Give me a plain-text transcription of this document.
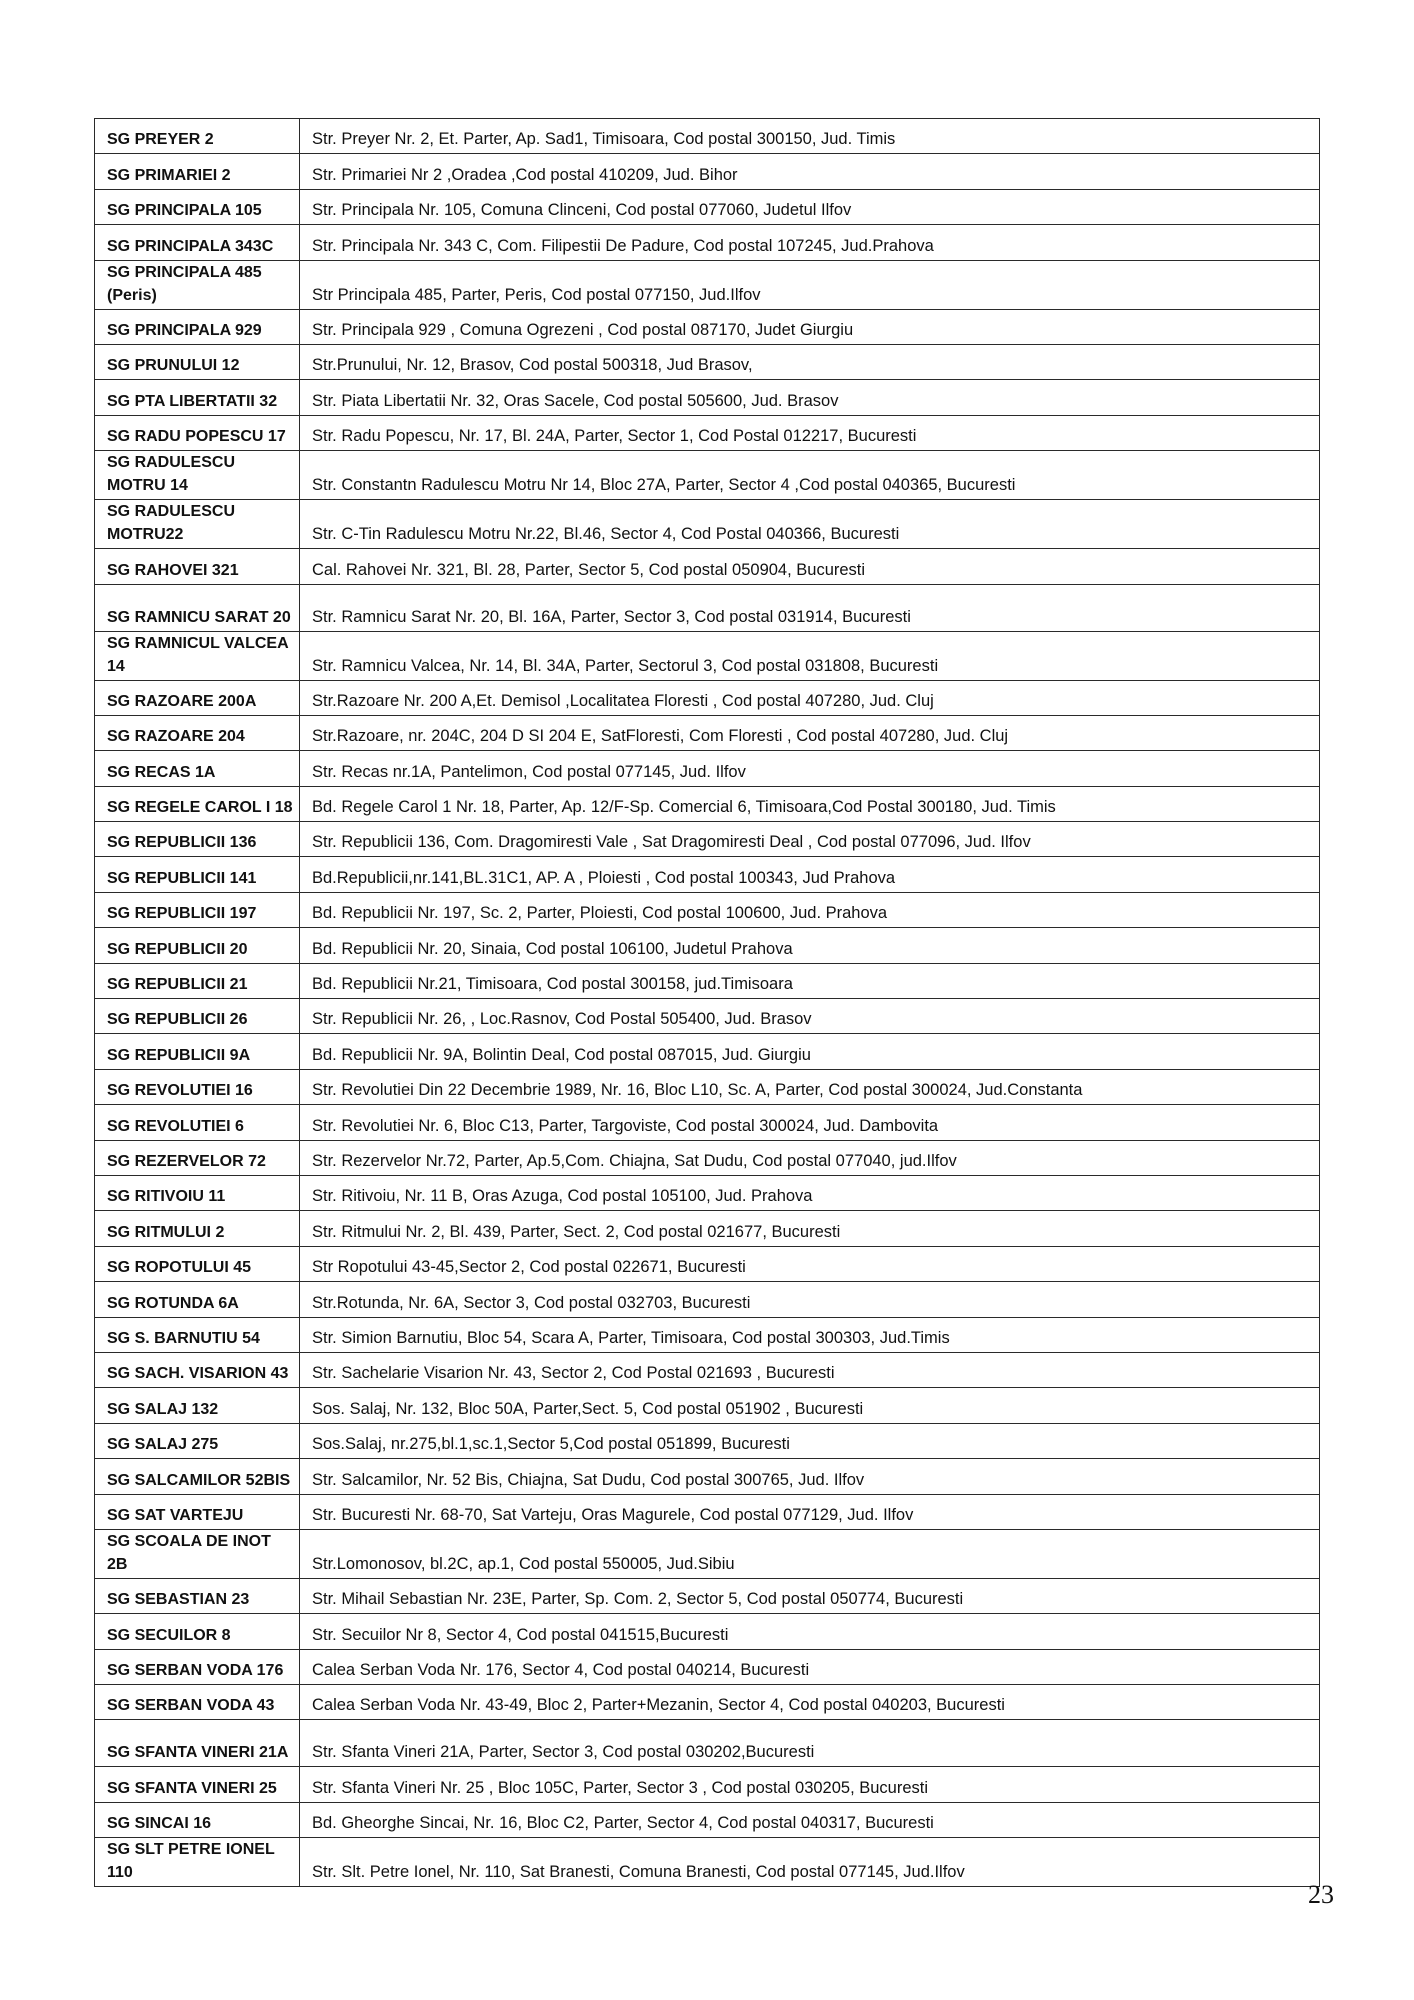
SG PREYER 2	Str. Preyer Nr. 2, Et. Parter, Ap. Sad1, Timisoara, Cod postal 300150, Jud. Timis
SG PRIMARIEI 2	Str. Primariei Nr 2 ,Oradea ,Cod postal 410209, Jud. Bihor
SG PRINCIPALA 105	Str. Principala Nr. 105, Comuna Clinceni, Cod postal 077060, Judetul Ilfov
SG PRINCIPALA 343C	Str. Principala Nr. 343 C, Com. Filipestii De Padure, Cod postal 107245, Jud.Prahova
SG PRINCIPALA 485 (Peris)	Str Principala 485, Parter, Peris, Cod postal 077150, Jud.Ilfov
SG PRINCIPALA 929	Str. Principala 929 , Comuna Ogrezeni , Cod postal 087170, Judet Giurgiu
SG PRUNULUI 12	Str.Prunului, Nr. 12, Brasov, Cod postal 500318, Jud Brasov,
SG PTA LIBERTATII 32	Str. Piata Libertatii Nr. 32, Oras Sacele, Cod postal 505600, Jud. Brasov
SG RADU POPESCU 17	Str. Radu Popescu, Nr. 17, Bl. 24A, Parter, Sector 1, Cod Postal 012217, Bucuresti
SG RADULESCU MOTRU 14	Str. Constantn Radulescu Motru Nr 14, Bloc 27A, Parter, Sector 4 ,Cod postal 040365, Bucuresti
SG RADULESCU MOTRU22	Str. C-Tin Radulescu Motru Nr.22, Bl.46, Sector 4, Cod Postal 040366, Bucuresti
SG RAHOVEI 321	Cal. Rahovei Nr. 321, Bl. 28, Parter, Sector 5, Cod postal 050904, Bucuresti
SG RAMNICU SARAT 20	Str. Ramnicu Sarat Nr. 20, Bl. 16A, Parter, Sector 3, Cod postal 031914, Bucuresti
SG RAMNICUL VALCEA 14	Str. Ramnicu Valcea, Nr. 14, Bl. 34A, Parter, Sectorul 3, Cod postal 031808, Bucuresti
SG RAZOARE 200A	Str.Razoare Nr. 200 A,Et. Demisol ,Localitatea Floresti , Cod postal 407280, Jud. Cluj
SG RAZOARE 204	Str.Razoare, nr. 204C, 204 D SI 204 E, SatFloresti, Com Floresti , Cod postal 407280, Jud. Cluj
SG RECAS 1A	Str. Recas nr.1A, Pantelimon, Cod postal 077145, Jud. Ilfov
SG REGELE CAROL I 18	Bd. Regele Carol 1 Nr. 18, Parter, Ap. 12/F-Sp. Comercial 6, Timisoara,Cod Postal 300180, Jud. Timis
SG REPUBLICII 136	Str. Republicii 136, Com. Dragomiresti Vale , Sat Dragomiresti Deal , Cod postal 077096, Jud. Ilfov
SG REPUBLICII 141	Bd.Republicii,nr.141,BL.31C1, AP. A , Ploiesti , Cod postal 100343, Jud Prahova
SG REPUBLICII 197	Bd. Republicii Nr. 197, Sc. 2, Parter, Ploiesti, Cod postal 100600, Jud. Prahova
SG REPUBLICII 20	Bd. Republicii Nr. 20, Sinaia, Cod postal 106100, Judetul Prahova
SG REPUBLICII 21	Bd. Republicii Nr.21, Timisoara, Cod postal 300158, jud.Timisoara
SG REPUBLICII 26	Str. Republicii Nr. 26, , Loc.Rasnov, Cod Postal 505400, Jud. Brasov
SG REPUBLICII 9A	Bd. Republicii Nr. 9A, Bolintin Deal, Cod postal 087015, Jud. Giurgiu
SG REVOLUTIEI 16	Str. Revolutiei Din 22 Decembrie 1989, Nr. 16, Bloc L10, Sc. A, Parter, Cod postal 300024, Jud.Constanta
SG REVOLUTIEI 6	Str. Revolutiei Nr. 6, Bloc C13, Parter, Targoviste, Cod postal 300024, Jud. Dambovita
SG REZERVELOR 72	Str. Rezervelor Nr.72, Parter, Ap.5,Com. Chiajna, Sat Dudu, Cod postal 077040, jud.Ilfov
SG RITIVOIU 11	Str. Ritivoiu, Nr. 11 B, Oras Azuga, Cod postal 105100, Jud. Prahova
SG RITMULUI 2	Str. Ritmului Nr. 2, Bl. 439, Parter, Sect. 2, Cod postal 021677, Bucuresti
SG ROPOTULUI 45	Str Ropotului 43-45,Sector 2, Cod postal 022671, Bucuresti
SG ROTUNDA 6A	Str.Rotunda, Nr. 6A, Sector 3, Cod postal 032703, Bucuresti
SG S. BARNUTIU 54	Str. Simion Barnutiu, Bloc 54, Scara A, Parter, Timisoara, Cod postal 300303, Jud.Timis
SG SACH. VISARION 43	Str. Sachelarie Visarion Nr. 43, Sector 2, Cod Postal 021693 , Bucuresti
SG SALAJ 132	Sos. Salaj, Nr. 132, Bloc 50A, Parter,Sect. 5, Cod postal 051902 , Bucuresti
SG SALAJ 275	Sos.Salaj, nr.275,bl.1,sc.1,Sector 5,Cod postal 051899, Bucuresti
SG SALCAMILOR 52BIS	Str. Salcamilor, Nr. 52 Bis, Chiajna, Sat Dudu, Cod postal 300765, Jud. Ilfov
SG SAT VARTEJU	Str. Bucuresti Nr. 68-70, Sat Varteju, Oras Magurele, Cod postal 077129, Jud. Ilfov
SG SCOALA DE INOT 2B	Str.Lomonosov, bl.2C, ap.1, Cod postal 550005, Jud.Sibiu
SG SEBASTIAN 23	Str. Mihail Sebastian Nr. 23E, Parter, Sp. Com. 2, Sector 5, Cod postal 050774, Bucuresti
SG SECUILOR 8	Str. Secuilor Nr 8, Sector 4, Cod postal 041515,Bucuresti
SG SERBAN VODA 176	Calea Serban Voda Nr. 176, Sector 4, Cod postal 040214, Bucuresti
SG SERBAN VODA 43	Calea Serban Voda Nr. 43-49, Bloc 2, Parter+Mezanin, Sector 4, Cod postal 040203, Bucuresti
SG SFANTA VINERI 21A	Str. Sfanta Vineri 21A, Parter, Sector 3, Cod postal 030202,Bucuresti
SG SFANTA VINERI 25	Str. Sfanta Vineri Nr. 25 , Bloc 105C, Parter, Sector 3 , Cod postal 030205, Bucuresti
SG SINCAI 16	Bd. Gheorghe Sincai, Nr. 16, Bloc C2, Parter, Sector 4, Cod postal 040317, Bucuresti
SG SLT PETRE IONEL 110	Str. Slt. Petre Ionel, Nr. 110, Sat Branesti, Comuna Branesti, Cod postal 077145, Jud.Ilfov
23
